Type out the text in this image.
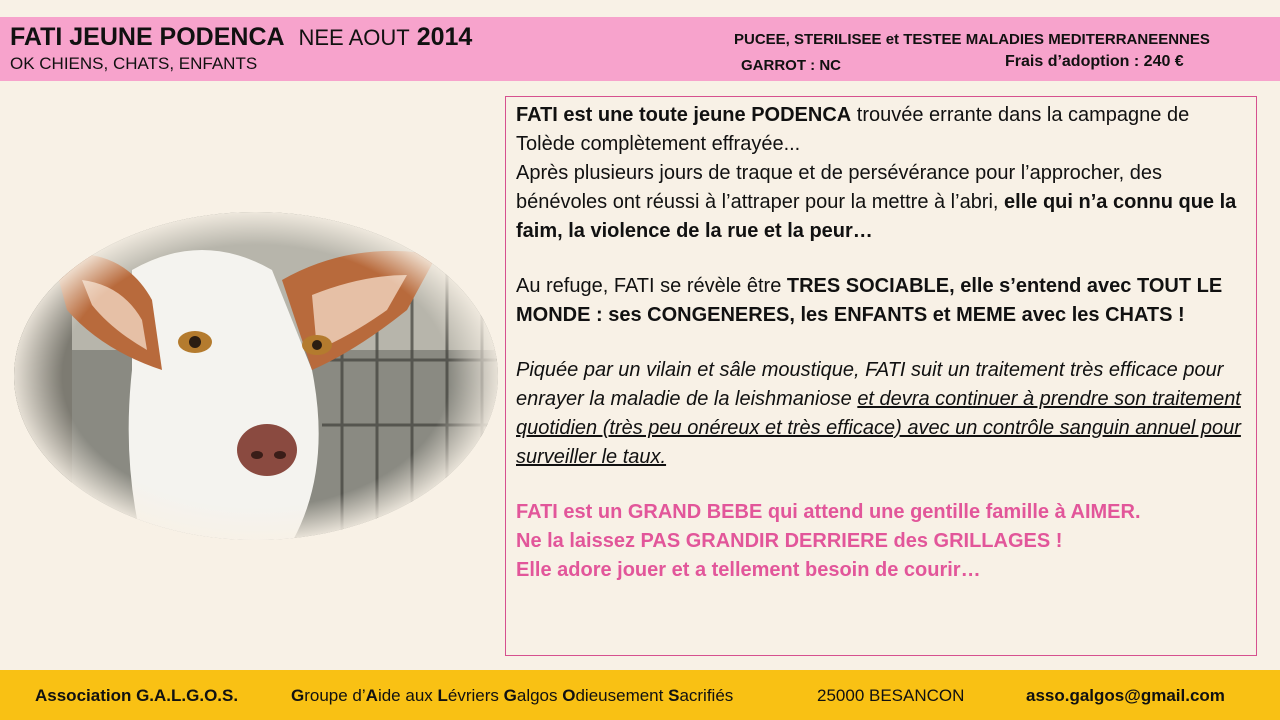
FATI JEUNE PODENCA NEE AOUT 2014
OK CHIENS, CHATS, ENFANTS
PUCEE, STERILISEE et TESTEE MALADIES MEDITERRANEENNES
GARROT : NC	Frais d’adoption : 240 €

FATI est une toute jeune PODENCA trouvée errante dans la campagne de Tolède complètement effrayée...

Après plusieurs jours de traque et de persévérance pour l’approcher, des bénévoles ont réussi à l’attraper pour la mettre à l’abri, elle qui n’a connu que la faim, la violence de la rue et la peur…

Au refuge, FATI se révèle être TRES SOCIABLE, elle s’entend avec TOUT LE MONDE : ses CONGENERES, les ENFANTS et MEME avec les CHATS !

Piquée par un vilain et sâle moustique, FATI suit un traitement très efficace pour enrayer la maladie de la leishmaniose et devra continuer à prendre son traitement quotidien (très peu onéreux et très efficace) avec un contrôle sanguin annuel pour surveiller le taux.

FATI est un GRAND BEBE qui attend une gentille famille à AIMER.

Ne la laissez PAS GRANDIR DERRIERE des GRILLAGES !

Elle adore jouer et a tellement besoin de courir…

Association G.A.L.G.O.S.	Groupe d’Aide aux Lévriers Galgos Odieusement Sacrifiés	25000 BESANCON	asso.galgos@gmail.com
